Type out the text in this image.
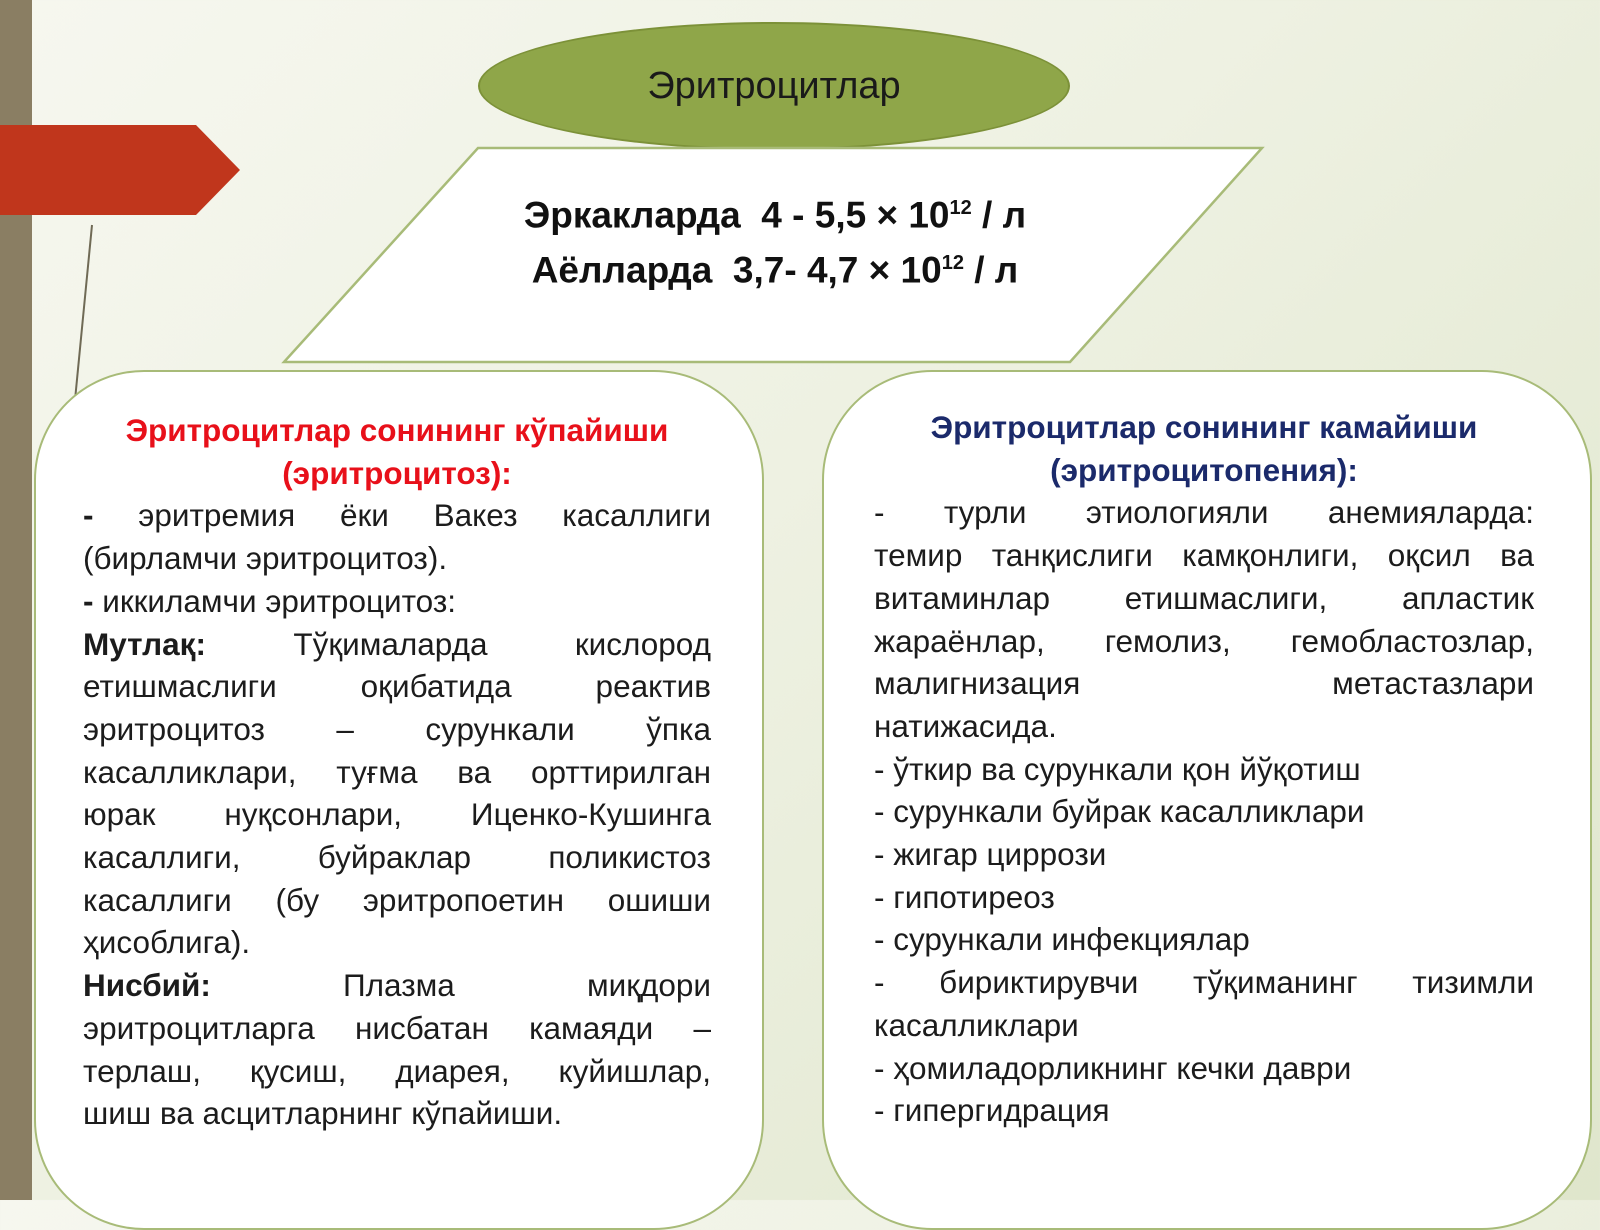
Эритроцитлар
Эркакларда $4 - 5,5 \times 10^{12} / л$
Аёлларда 3,7- $4,7 \times 10^{12} / л$
Эритроцитлар сонининг кўпайиши
(эритроцитоз):
- эритремия ёки Вакез касаллиги
(бирламчи эритроцитоз).
- иккиламчи эритроцитоз:
Мутлақ: Тўқималарда кислород
етишмаслиги оқибатида реактив
эритроцитоз – сурункали ўпка
касалликлари, туғма ва орттирилган
юрак нуқсонлари, Иценко-Кушинга
касаллиги, буйраклар поликистоз
касаллиги (бу эритропоетин ошиши
ҳисоблига).
Нисбий: Плазма миқдори
эритроцитларга нисбатан камаяди –
терлаш, қусиш, диарея, куйишлар,
шиш ва асцитларнинг кўпайиши.
Эритроцитлар сонининг камайиши
(эритроцитопения):
- турли этиологияли анемияларда:
темир танқислиги камқонлиги, оқсил ва
витаминлар етишмаслиги, апластик
жараёнлар, гемолиз, гемобластозлар,
малигнизация метастазлари
натижасида.
- ўткир ва сурункали қон йўқотиш
- сурункали буйрак касалликлари
- жигар циррози
- гипотиреоз
- сурункали инфекциялар
- бириктирувчи тўқиманинг тизимли
касалликлари
- ҳомиладорликнинг кечки даври
- гипергидрация
